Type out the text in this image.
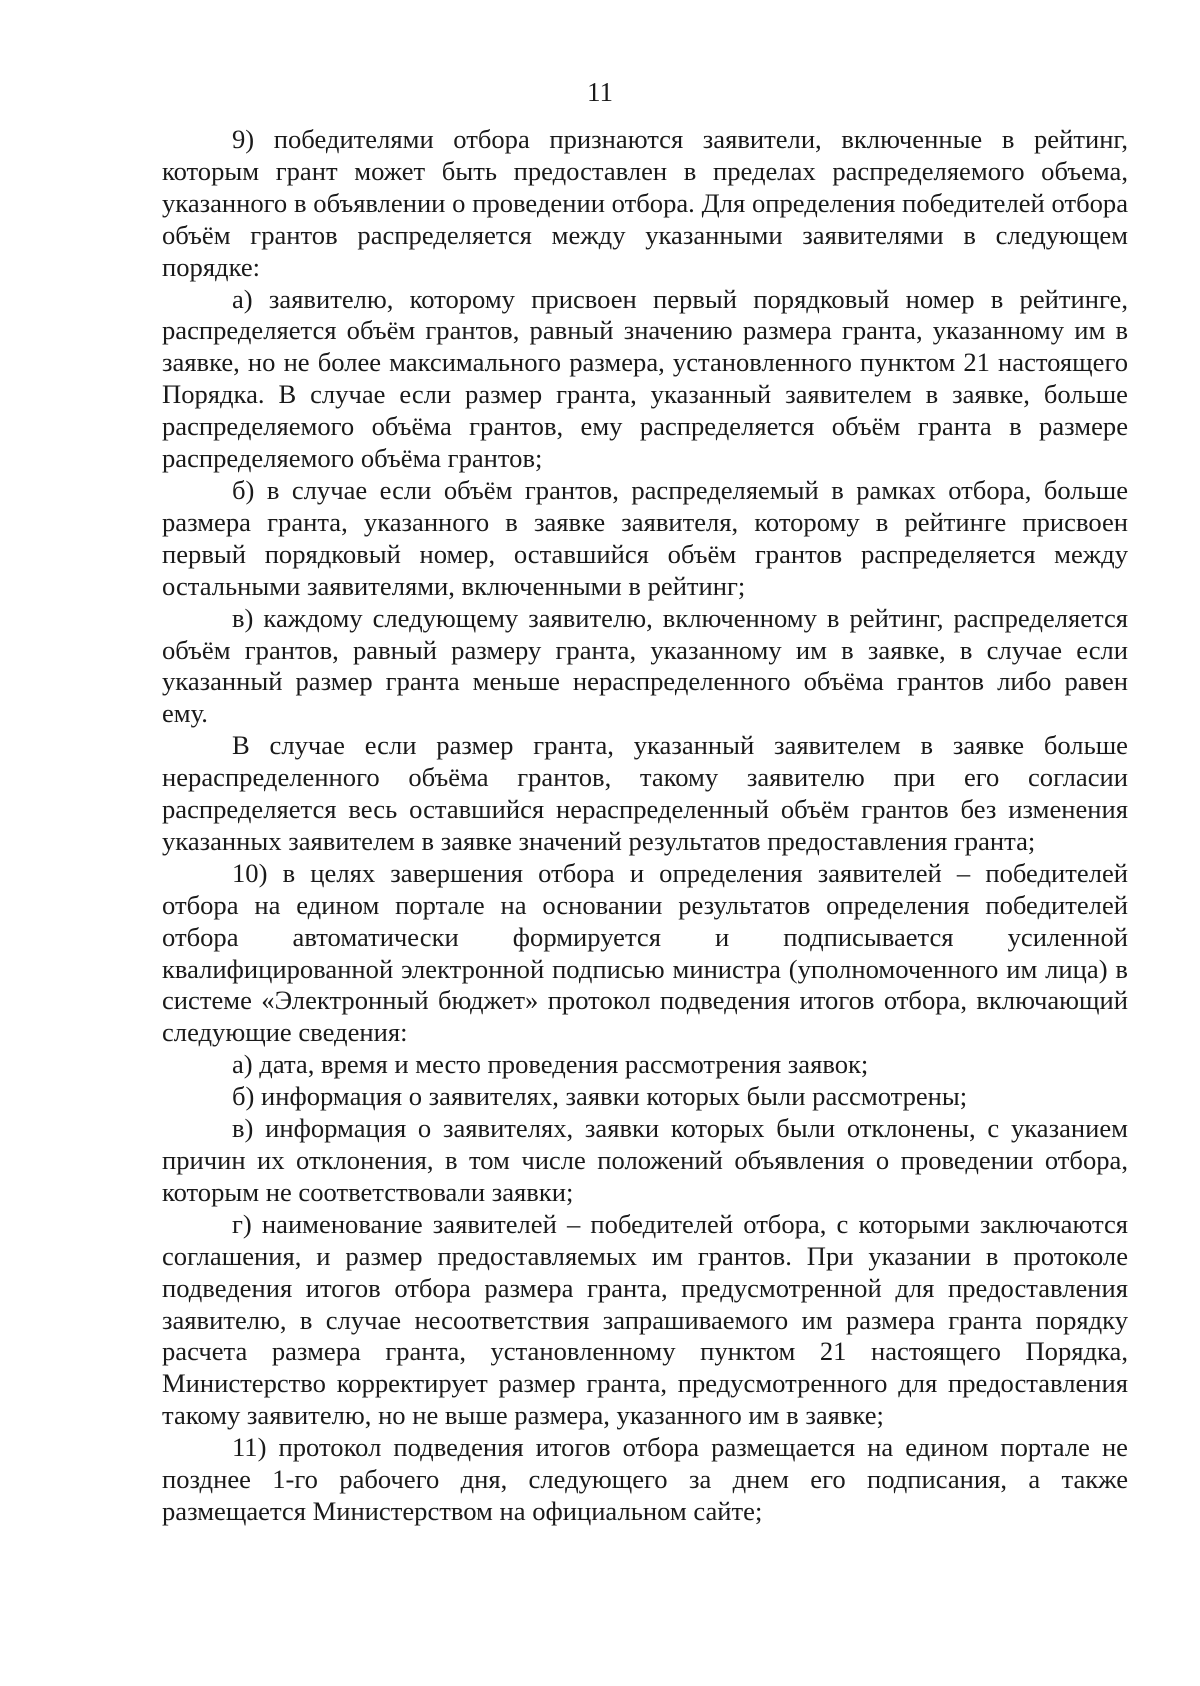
11

9) победителями отбора признаются заявители, включенные в рейтинг, которым грант может быть предоставлен в пределах распределяемого объема, указанного в объявлении о проведении отбора. Для определения победителей отбора объём грантов распределяется между указанными заявителями в следующем порядке:

а) заявителю, которому присвоен первый порядковый номер в рейтинге, распределяется объём грантов, равный значению размера гранта, указанному им в заявке, но не более максимального размера, установленного пунктом 21 настоящего Порядка. В случае если размер гранта, указанный заявителем в заявке, больше распределяемого объёма грантов, ему распределяется объём гранта в размере распределяемого объёма грантов;

б) в случае если объём грантов, распределяемый в рамках отбора, больше размера гранта, указанного в заявке заявителя, которому в рейтинге присвоен первый порядковый номер, оставшийся объём грантов распределяется между остальными заявителями, включенными в рейтинг;

в) каждому следующему заявителю, включенному в рейтинг, распределяется объём грантов, равный размеру гранта, указанному им в заявке, в случае если указанный размер гранта меньше нераспределенного объёма грантов либо равен ему.

В случае если размер гранта, указанный заявителем в заявке больше нераспределенного объёма грантов, такому заявителю при его согласии распределяется весь оставшийся нераспределенный объём грантов без изменения указанных заявителем в заявке значений результатов предоставления гранта;

10) в целях завершения отбора и определения заявителей – победителей отбора на едином портале на основании результатов определения победителей отбора автоматически формируется и подписывается усиленной квалифицированной электронной подписью министра (уполномоченного им лица) в системе «Электронный бюджет» протокол подведения итогов отбора, включающий следующие сведения:

а) дата, время и место проведения рассмотрения заявок;

б) информация о заявителях, заявки которых были рассмотрены;

в) информация о заявителях, заявки которых были отклонены, с указанием причин их отклонения, в том числе положений объявления о проведении отбора, которым не соответствовали заявки;

г) наименование заявителей – победителей отбора, с которыми заключаются соглашения, и размер предоставляемых им грантов. При указании в протоколе подведения итогов отбора размера гранта, предусмотренной для предоставления заявителю, в случае несоответствия запрашиваемого им размера гранта порядку расчета размера гранта, установленному пунктом 21 настоящего Порядка, Министерство корректирует размер гранта, предусмотренного для предоставления такому заявителю, но не выше размера, указанного им в заявке;

11) протокол подведения итогов отбора размещается на едином портале не позднее 1-го рабочего дня, следующего за днем его подписания, а также размещается Министерством на официальном сайте;
